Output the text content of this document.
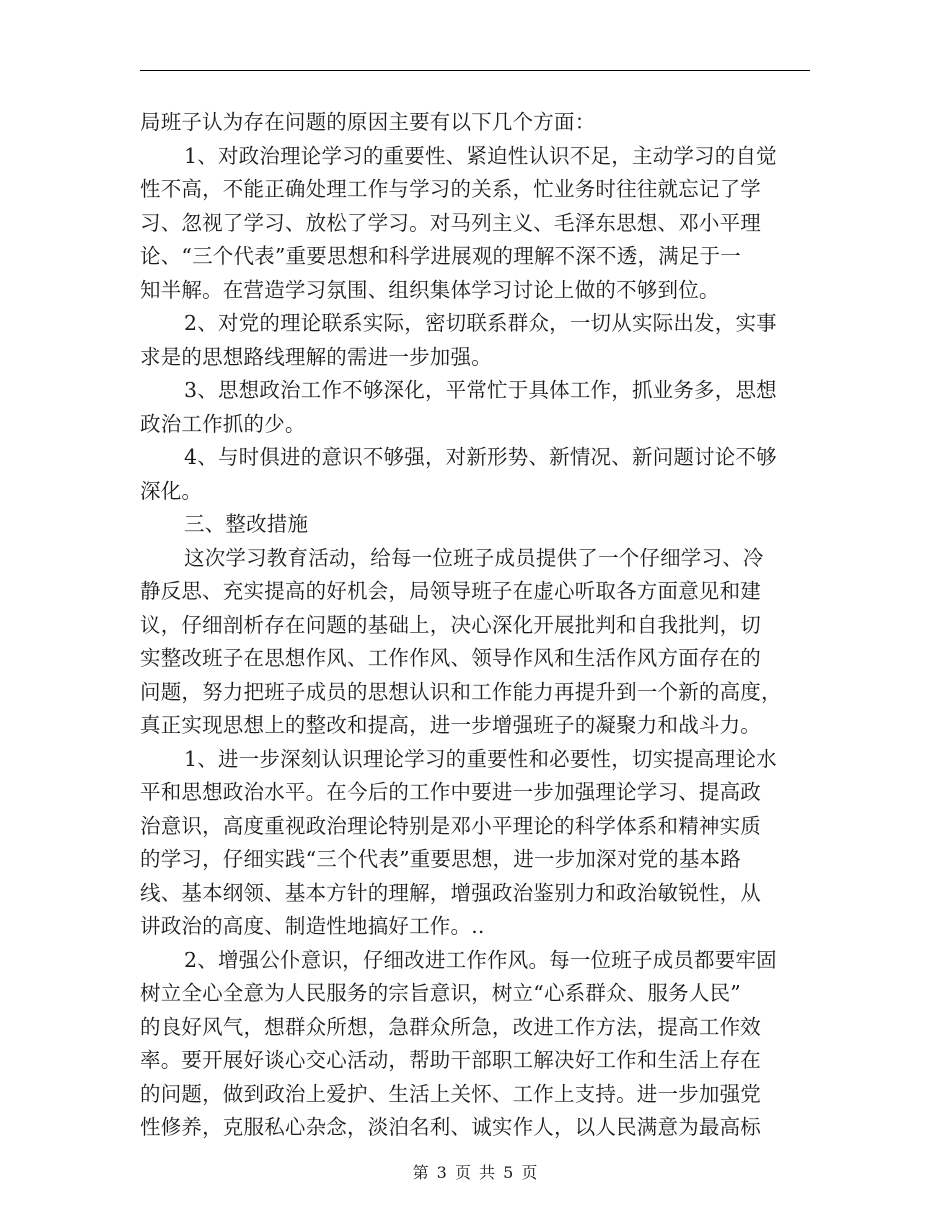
局班子认为存在问题的原因主要有以下几个方面：
1、对政治理论学习的重要性、紧迫性认识不足，主动学习的自觉
性不高，不能正确处理工作与学习的关系，忙业务时往往就忘记了学
习、忽视了学习、放松了学习。对马列主义、毛泽东思想、邓小平理
论、“三个代表”重要思想和科学进展观的理解不深不透，满足于一
知半解。在营造学习氛围、组织集体学习讨论上做的不够到位。
2、对党的理论联系实际，密切联系群众，一切从实际出发，实事
求是的思想路线理解的需进一步加强。
3、思想政治工作不够深化，平常忙于具体工作，抓业务多，思想
政治工作抓的少。
4、与时俱进的意识不够强，对新形势、新情况、新问题讨论不够
深化。
三、整改措施
这次学习教育活动，给每一位班子成员提供了一个仔细学习、冷
静反思、充实提高的好机会，局领导班子在虚心听取各方面意见和建
议，仔细剖析存在问题的基础上，决心深化开展批判和自我批判，切
实整改班子在思想作风、工作作风、领导作风和生活作风方面存在的
问题，努力把班子成员的思想认识和工作能力再提升到一个新的高度，
真正实现思想上的整改和提高，进一步增强班子的凝聚力和战斗力。
1、进一步深刻认识理论学习的重要性和必要性，切实提高理论水
平和思想政治水平。在今后的工作中要进一步加强理论学习、提高政
治意识，高度重视政治理论特别是邓小平理论的科学体系和精神实质
的学习，仔细实践“三个代表”重要思想，进一步加深对党的基本路
线、基本纲领、基本方针的理解，增强政治鉴别力和政治敏锐性，从
讲政治的高度、制造性地搞好工作。..
2、增强公仆意识，仔细改进工作作风。每一位班子成员都要牢固
树立全心全意为人民服务的宗旨意识，树立“心系群众、服务人民”
的良好风气，想群众所想，急群众所急，改进工作方法，提高工作效
率。要开展好谈心交心活动，帮助干部职工解决好工作和生活上存在
的问题，做到政治上爱护、生活上关怀、工作上支持。进一步加强党
性修养，克服私心杂念，淡泊名利、诚实作人，以人民满意为最高标
第 3 页 共 5 页
